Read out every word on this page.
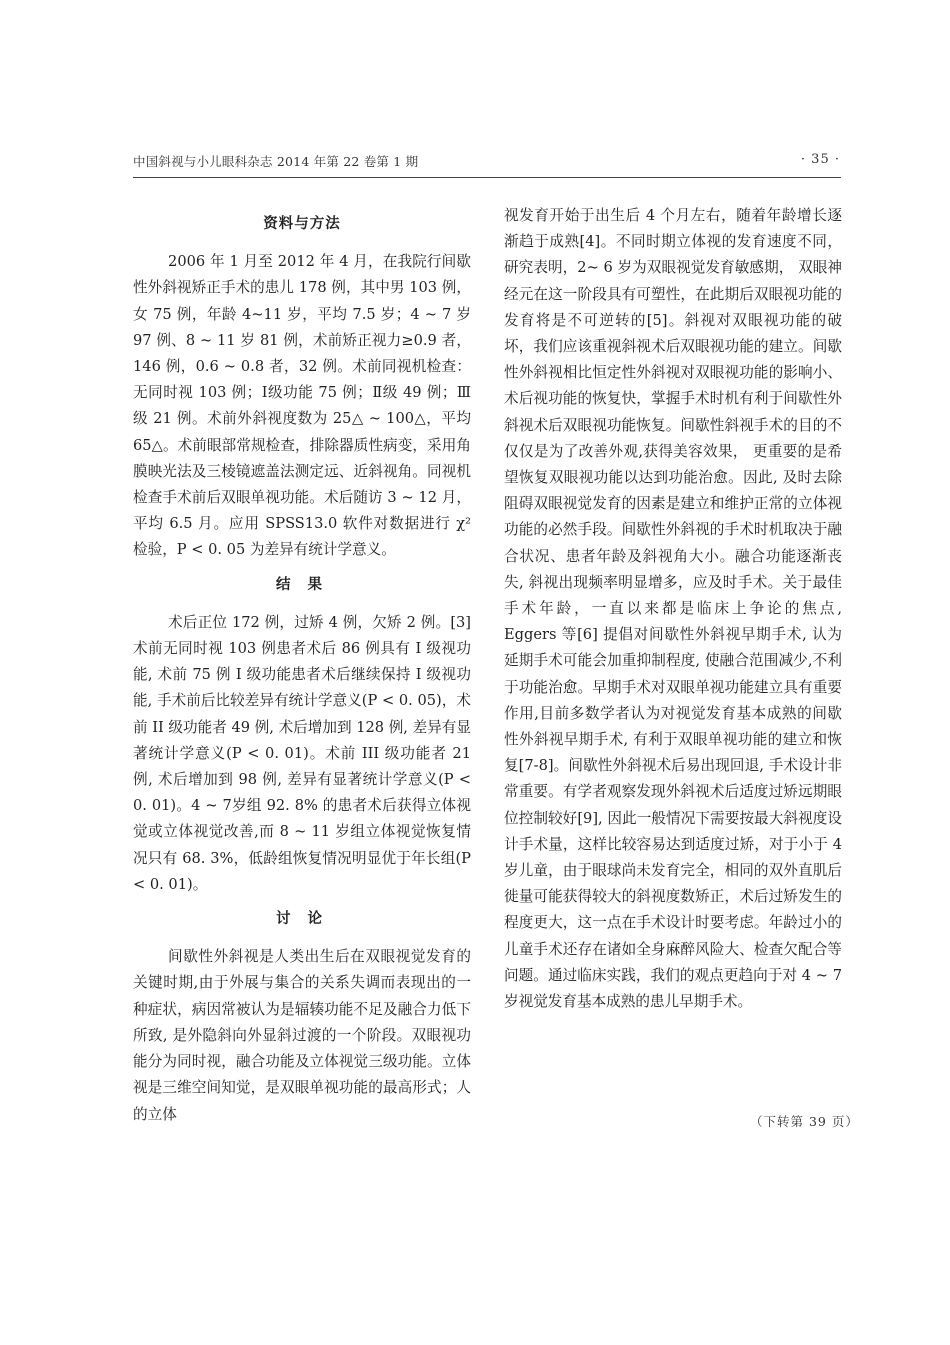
中国斜视与小儿眼科杂志 2014 年第 22 卷第 1 期	· 35 ·
资料与方法

2006 年 1 月至 2012 年 4 月，在我院行间歇性外斜视矫正手术的患儿 178 例，其中男 103 例，女 75 例，年龄 4~11 岁，平均 7.5 岁；4 ~ 7 岁 97 例、8 ~ 11 岁 81 例，术前矫正视力≥0.9 者，146 例，0.6 ~ 0.8 者，32 例。术前同视机检查：无同时视 103 例；Ⅰ级功能 75 例；Ⅱ级 49 例；Ⅲ级 21 例。术前外斜视度数为 25△ ~ 100△，平均 65△。术前眼部常规检查，排除器质性病变，采用角膜映光法及三棱镜遮盖法测定远、近斜视角。同视机检查手术前后双眼单视功能。术后随访 3 ~ 12 月，平均 6.5 月。应用 SPSS13.0 软件对数据进行 χ² 检验，P < 0. 05 为差异有统计学意义。

结 果

术后正位 172 例，过矫 4 例，欠矫 2 例。[3] 术前无同时视 103 例患者术后 86 例具有 I 级视功能, 术前 75 例 I 级功能患者术后继续保持 I 级视功能, 手术前后比较差异有统计学意义(P < 0. 05)，术前 II 级功能者 49 例, 术后增加到 128 例, 差异有显著统计学意义(P < 0. 01)。术前 III 级功能者 21 例, 术后增加到 98 例, 差异有显著统计学意义(P < 0. 01)。4 ~ 7岁组 92. 8% 的患者术后获得立体视觉或立体视觉改善,而 8 ~ 11 岁组立体视觉恢复情况只有 68. 3%，低龄组恢复情况明显优于年长组(P < 0. 01)。

讨 论

间歇性外斜视是人类出生后在双眼视觉发育的关键时期,由于外展与集合的关系失调而表现出的一种症状，病因常被认为是辐辏功能不足及融合力低下所致, 是外隐斜向外显斜过渡的一个阶段。双眼视功能分为同时视，融合功能及立体视觉三级功能。立体视是三维空间知觉，是双眼单视功能的最高形式；人的立体

视发育开始于出生后 4 个月左右，随着年龄增长逐渐趋于成熟[4]。不同时期立体视的发育速度不同，研究表明，2~ 6 岁为双眼视觉发育敏感期， 双眼神经元在这一阶段具有可塑性，在此期后双眼视功能的发育将是不可逆转的[5]。斜视对双眼视功能的破坏，我们应该重视斜视术后双眼视功能的建立。间歇性外斜视相比恒定性外斜视对双眼视功能的影响小、术后视功能的恢复快，掌握手术时机有利于间歇性外斜视术后双眼视功能恢复。间歇性斜视手术的目的不仅仅是为了改善外观,获得美容效果， 更重要的是希望恢复双眼视功能以达到功能治愈。因此, 及时去除阻碍双眼视觉发育的因素是建立和维护正常的立体视功能的必然手段。间歇性外斜视的手术时机取决于融合状况、患者年龄及斜视角大小。融合功能逐渐丧失, 斜视出现频率明显增多，应及时手术。关于最佳手术年龄，一直以来都是临床上争论的焦点, Eggers 等[6] 提倡对间歇性外斜视早期手术, 认为延期手术可能会加重抑制程度, 使融合范围减少,不利于功能治愈。早期手术对双眼单视功能建立具有重要作用,目前多数学者认为对视觉发育基本成熟的间歇性外斜视早期手术, 有利于双眼单视功能的建立和恢复[7-8]。间歇性外斜视术后易出现回退, 手术设计非常重要。有学者观察发现外斜视术后适度过矫远期眼位控制较好[9], 因此一般情况下需要按最大斜视度设计手术量，这样比较容易达到适度过矫，对于小于 4 岁儿童，由于眼球尚未发育完全，相同的双外直肌后徙量可能获得较大的斜视度数矫正，术后过矫发生的程度更大，这一点在手术设计时要考虑。年龄过小的儿童手术还存在诸如全身麻醉风险大、检查欠配合等问题。通过临床实践，我们的观点更趋向于对 4 ~ 7 岁视觉发育基本成熟的患儿早期手术。

（下转第 39 页）
